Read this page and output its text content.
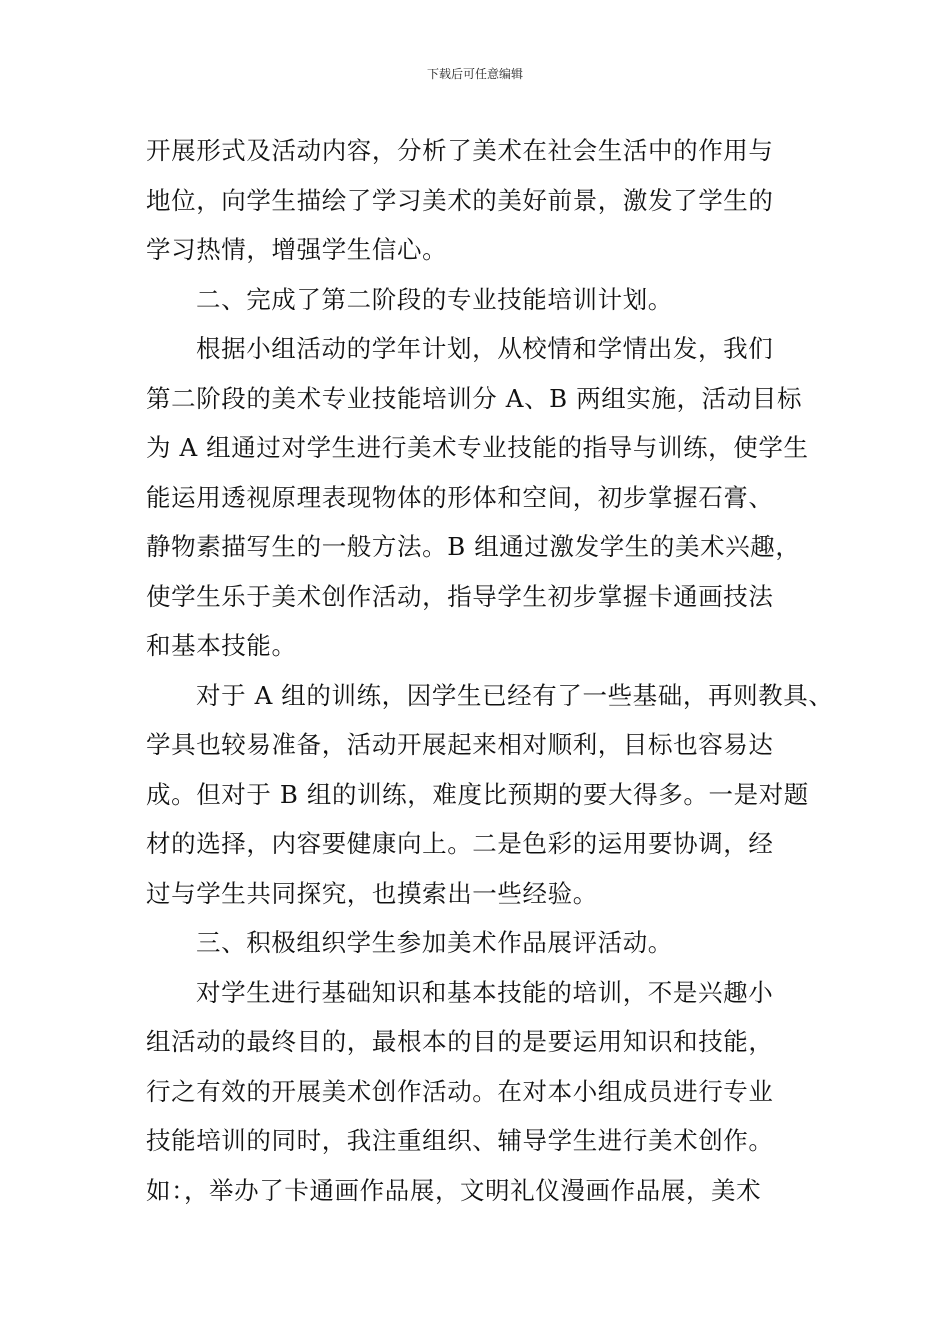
下载后可任意编辑
开展形式及活动内容，分析了美术在社会生活中的作用与
地位，向学生描绘了学习美术的美好前景，激发了学生的
学习热情，增强学生信心。
二、完成了第二阶段的专业技能培训计划。
根据小组活动的学年计划，从校情和学情出发，我们
第二阶段的美术专业技能培训分 A、B 两组实施，活动目标
为 A 组通过对学生进行美术专业技能的指导与训练，使学生
能运用透视原理表现物体的形体和空间，初步掌握石膏、
静物素描写生的一般方法。B 组通过激发学生的美术兴趣，
使学生乐于美术创作活动，指导学生初步掌握卡通画技法
和基本技能。
对于 A 组的训练，因学生已经有了一些基础，再则教具、
学具也较易准备，活动开展起来相对顺利，目标也容易达
成。但对于 B 组的训练，难度比预期的要大得多。一是对题
材的选择，内容要健康向上。二是色彩的运用要协调，经
过与学生共同探究，也摸索出一些经验。
三、积极组织学生参加美术作品展评活动。
对学生进行基础知识和基本技能的培训，不是兴趣小
组活动的最终目的，最根本的目的是要运用知识和技能，
行之有效的开展美术创作活动。在对本小组成员进行专业
技能培训的同时，我注重组织、辅导学生进行美术创作。
如：，举办了卡通画作品展，文明礼仪漫画作品展，美术
